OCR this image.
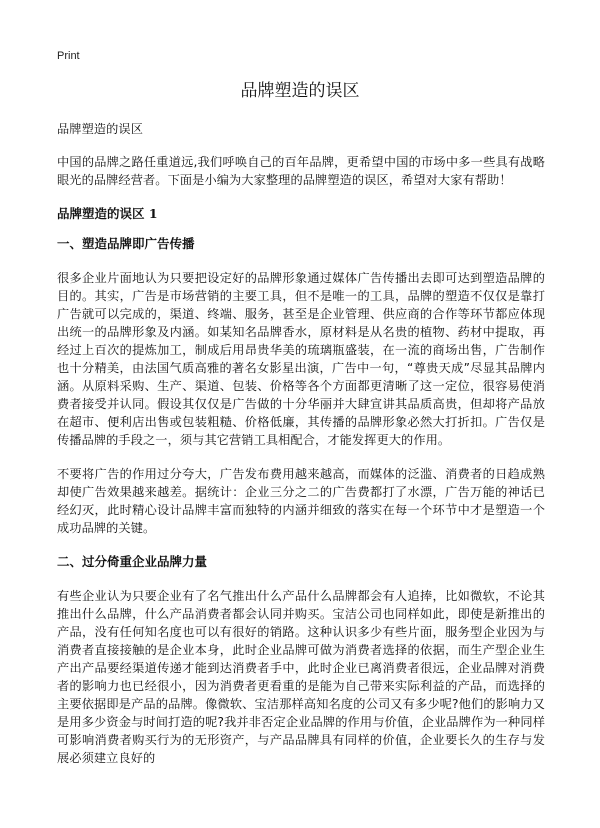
Print
品牌塑造的误区

品牌塑造的误区

中国的品牌之路任重道远,我们呼唤自己的百年品牌，更希望中国的市场中多一些具有战略眼光的品牌经营者。下面是小编为大家整理的品牌塑造的误区，希望对大家有帮助！

品牌塑造的误区 1
一、塑造品牌即广告传播

很多企业片面地认为只要把设定好的品牌形象通过媒体广告传播出去即可达到塑造品牌的目的。其实，广告是市场营销的主要工具，但不是唯一的工具，品牌的塑造不仅仅是靠打广告就可以完成的，渠道、终端、服务，甚至是企业管理、供应商的合作等环节都应体现出统一的品牌形象及内涵。如某知名品牌香水，原材料是从名贵的植物、药材中提取，再经过上百次的提炼加工，制成后用昂贵华美的琉璃瓶盛装，在一流的商场出售，广告制作也十分精美，由法国气质高雅的著名女影星出演，广告中一句，“尊贵天成”尽显其品牌内涵。从原料采购、生产、渠道、包装、价格等各个方面都更清晰了这一定位，很容易使消费者接受并认同。假设其仅仅是广告做的十分华丽并大肆宣讲其品质高贵，但却将产品放在超市、便利店出售或包装粗糙、价格低廉，其传播的品牌形象必然大打折扣。广告仅是传播品牌的手段之一，须与其它营销工具相配合，才能发挥更大的作用。

不要将广告的作用过分夸大，广告发布费用越来越高，而媒体的泛滥、消费者的日趋成熟却使广告效果越来越差。据统计：企业三分之二的广告费都打了水漂，广告万能的神话已经幻灭，此时精心设计品牌丰富而独特的内涵并细致的落实在每一个环节中才是塑造一个成功品牌的关键。

二、过分倚重企业品牌力量

有些企业认为只要企业有了名气推出什么产品什么品牌都会有人追捧，比如微软，不论其推出什么品牌，什么产品消费者都会认同并购买。宝洁公司也同样如此，即使是新推出的产品，没有任何知名度也可以有很好的销路。这种认识多少有些片面，服务型企业因为与消费者直接接触的是企业本身，此时企业品牌可做为消费者选择的依据，而生产型企业生产出产品要经渠道传递才能到达消费者手中，此时企业已离消费者很远，企业品牌对消费者的影响力也已经很小，因为消费者更看重的是能为自己带来实际利益的产品，而选择的主要依据即是产品的品牌。像微软、宝洁那样高知名度的公司又有多少呢?他们的影响力又是用多少资金与时间打造的呢?我并非否定企业品牌的作用与价值，企业品牌作为一种同样可影响消费者购买行为的无形资产，与产品品牌具有同样的价值，企业要长久的生存与发展必须建立良好的
